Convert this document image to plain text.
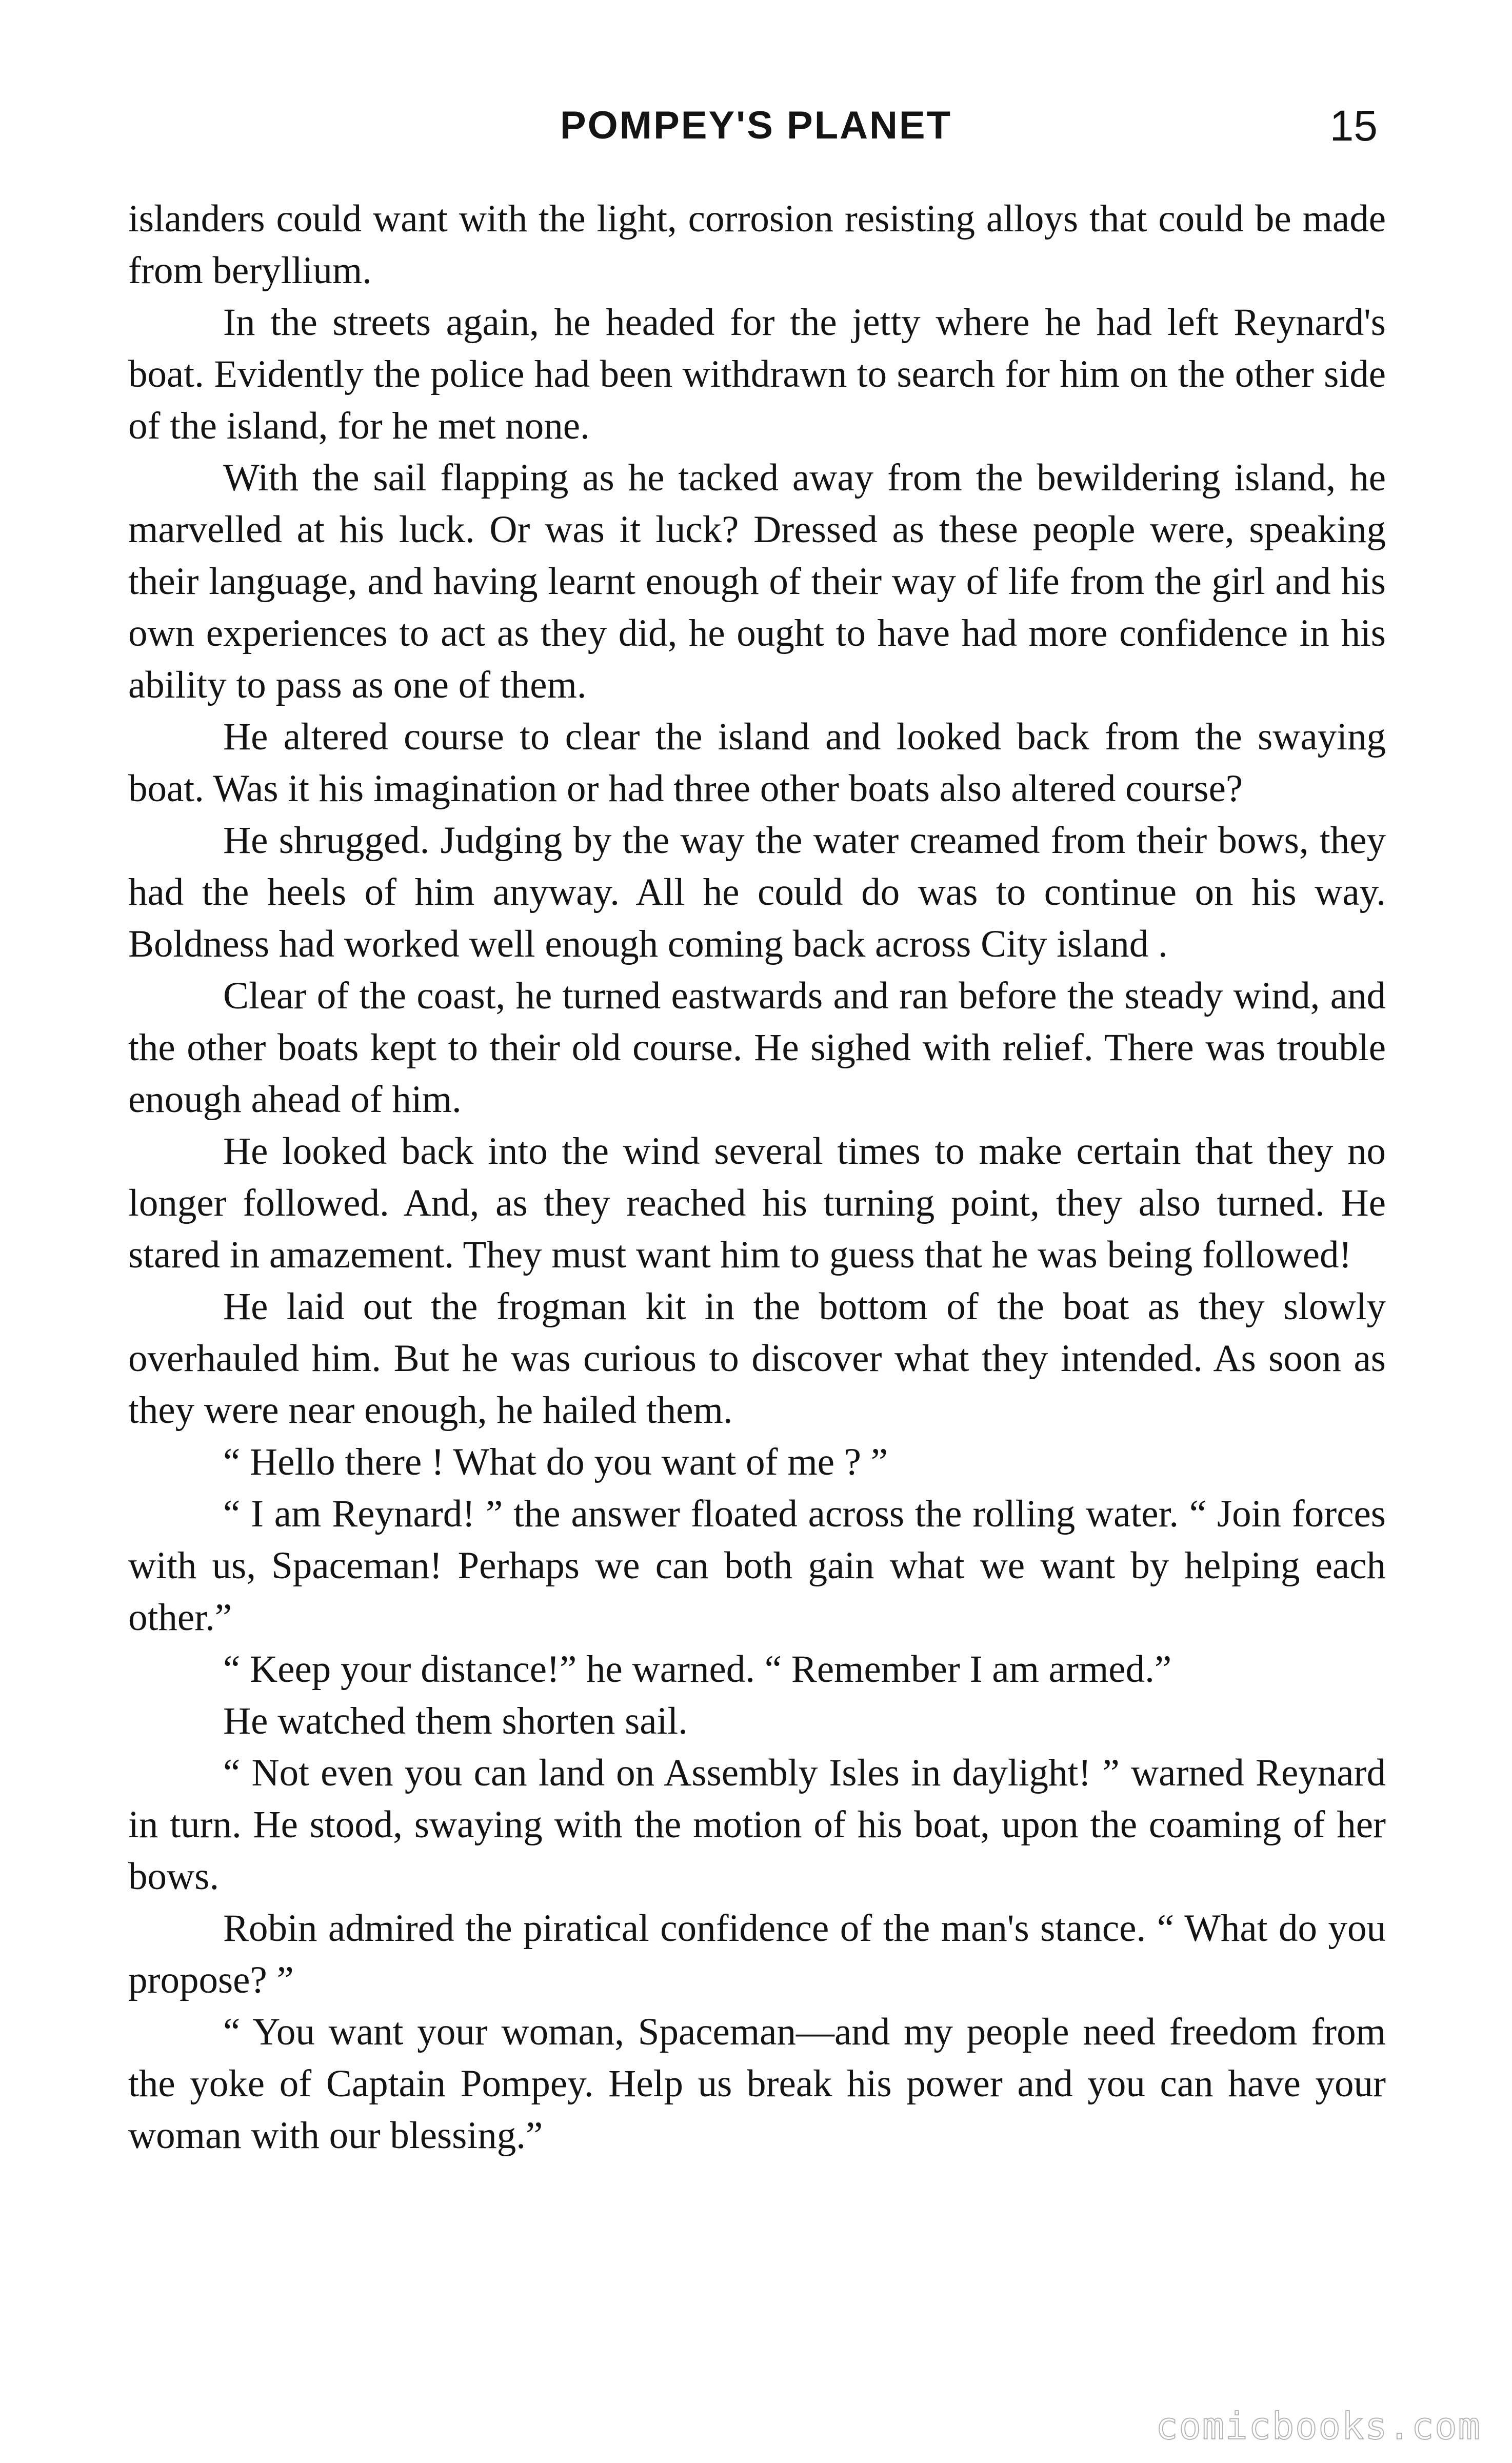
POMPEY'S PLANET	15

islanders could want with the light, corrosion resisting alloys that could be made from beryllium.

In the streets again, he headed for the jetty where he had left Reynard's boat. Evidently the police had been withdrawn to search for him on the other side of the island, for he met none.

With the sail flapping as he tacked away from the bewildering island, he marvelled at his luck. Or was it luck? Dressed as these people were, speaking their language, and having learnt enough of their way of life from the girl and his own experiences to act as they did, he ought to have had more confidence in his ability to pass as one of them.

He altered course to clear the island and looked back from the swaying boat. Was it his imagination or had three other boats also altered course?

He shrugged. Judging by the way the water creamed from their bows, they had the heels of him anyway. All he could do was to continue on his way. Boldness had worked well enough coming back across City island .

Clear of the coast, he turned eastwards and ran before the steady wind, and the other boats kept to their old course. He sighed with relief. There was trouble enough ahead of him.

He looked back into the wind several times to make certain that they no longer followed. And, as they reached his turning point, they also turned. He stared in amazement. They must want him to guess that he was being followed!

He laid out the frogman kit in the bottom of the boat as they slowly overhauled him. But he was curious to discover what they intended. As soon as they were near enough, he hailed them.

“ Hello there ! What do you want of me ? ”

“ I am Reynard! ” the answer floated across the rolling water. “ Join forces with us, Spaceman! Perhaps we can both gain what we want by helping each other.”

“ Keep your distance!” he warned. “ Remember I am armed.”

He watched them shorten sail.

“ Not even you can land on Assembly Isles in daylight! ” warned Reynard in turn. He stood, swaying with the motion of his boat, upon the coaming of her bows.

Robin admired the piratical confidence of the man's stance. “ What do you propose? ”

“ You want your woman, Spaceman—and my people need freedom from the yoke of Captain Pompey. Help us break his power and you can have your woman with our blessing.”

comicbooks.com
